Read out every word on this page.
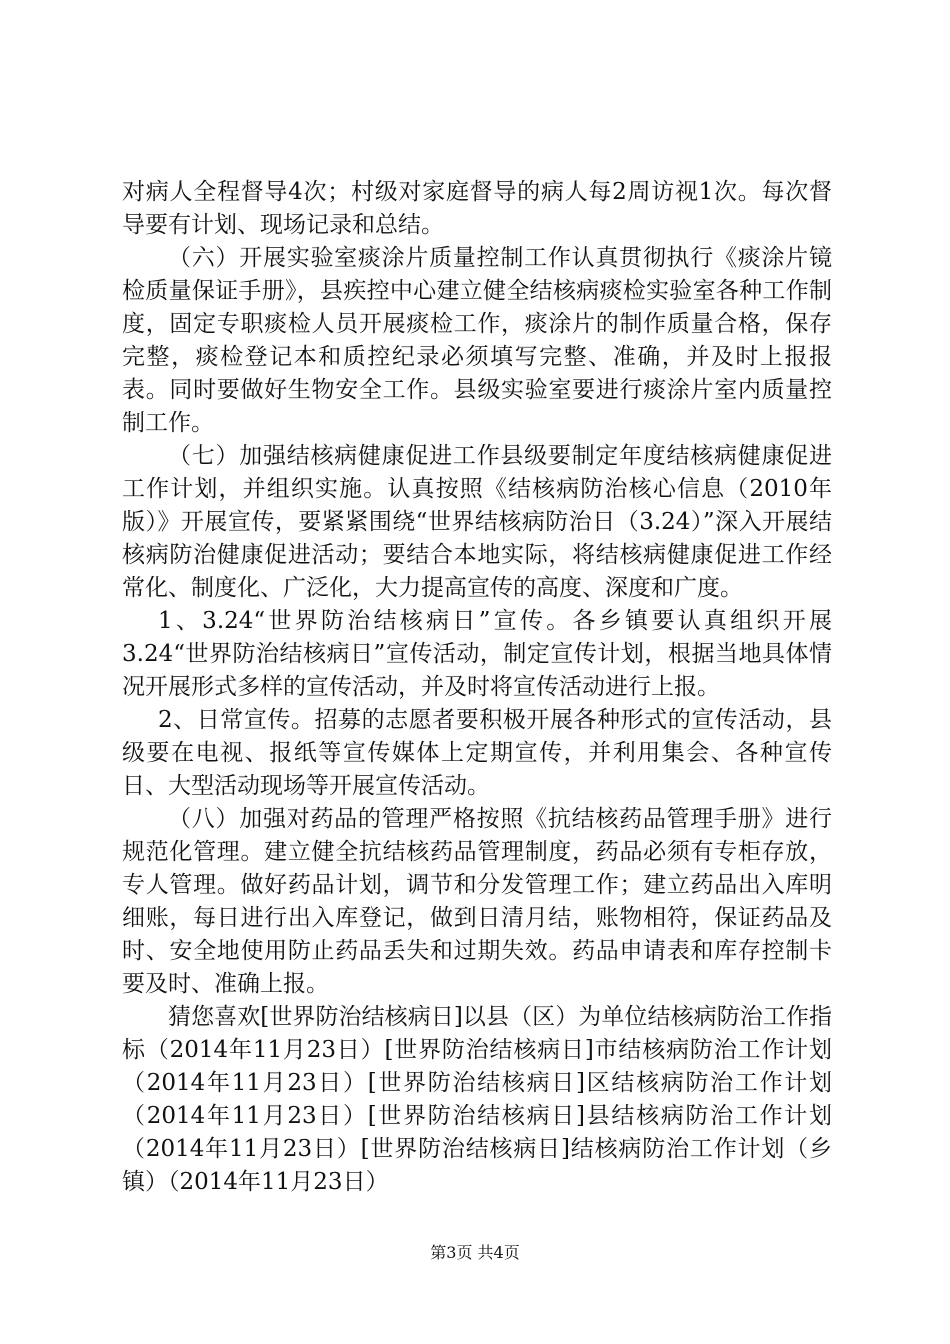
对病人全程督导4次；村级对家庭督导的病人每2周访视1次。每次督导要有计划、现场记录和总结。

（六）开展实验室痰涂片质量控制工作认真贯彻执行《痰涂片镜检质量保证手册》，县疾控中心建立健全结核病痰检实验室各种工作制度，固定专职痰检人员开展痰检工作，痰涂片的制作质量合格，保存完整，痰检登记本和质控纪录必须填写完整、准确，并及时上报报表。同时要做好生物安全工作。县级实验室要进行痰涂片室内质量控制工作。

（七）加强结核病健康促进工作县级要制定年度结核病健康促进工作计划，并组织实施。认真按照《结核病防治核心信息（2010年版）》开展宣传，要紧紧围绕“世界结核病防治日（3.24）”深入开展结核病防治健康促进活动；要结合本地实际，将结核病健康促进工作经常化、制度化、广泛化，大力提高宣传的高度、深度和广度。

1、3.24“世界防治结核病日”宣传。各乡镇要认真组织开展3.24“世界防治结核病日”宣传活动，制定宣传计划，根据当地具体情况开展形式多样的宣传活动，并及时将宣传活动进行上报。

2、日常宣传。招募的志愿者要积极开展各种形式的宣传活动，县级要在电视、报纸等宣传媒体上定期宣传，并利用集会、各种宣传日、大型活动现场等开展宣传活动。

（八）加强对药品的管理严格按照《抗结核药品管理手册》进行规范化管理。建立健全抗结核药品管理制度，药品必须有专柜存放，专人管理。做好药品计划，调节和分发管理工作；建立药品出入库明细账，每日进行出入库登记，做到日清月结，账物相符，保证药品及时、安全地使用防止药品丢失和过期失效。药品申请表和库存控制卡要及时、准确上报。

猜您喜欢[世界防治结核病日]以县（区）为单位结核病防治工作指标（2014年11月23日）[世界防治结核病日]市结核病防治工作计划（2014年11月23日）[世界防治结核病日]区结核病防治工作计划（2014年11月23日）[世界防治结核病日]县结核病防治工作计划（2014年11月23日）[世界防治结核病日]结核病防治工作计划（乡镇）（2014年11月23日）

第3页 共4页
